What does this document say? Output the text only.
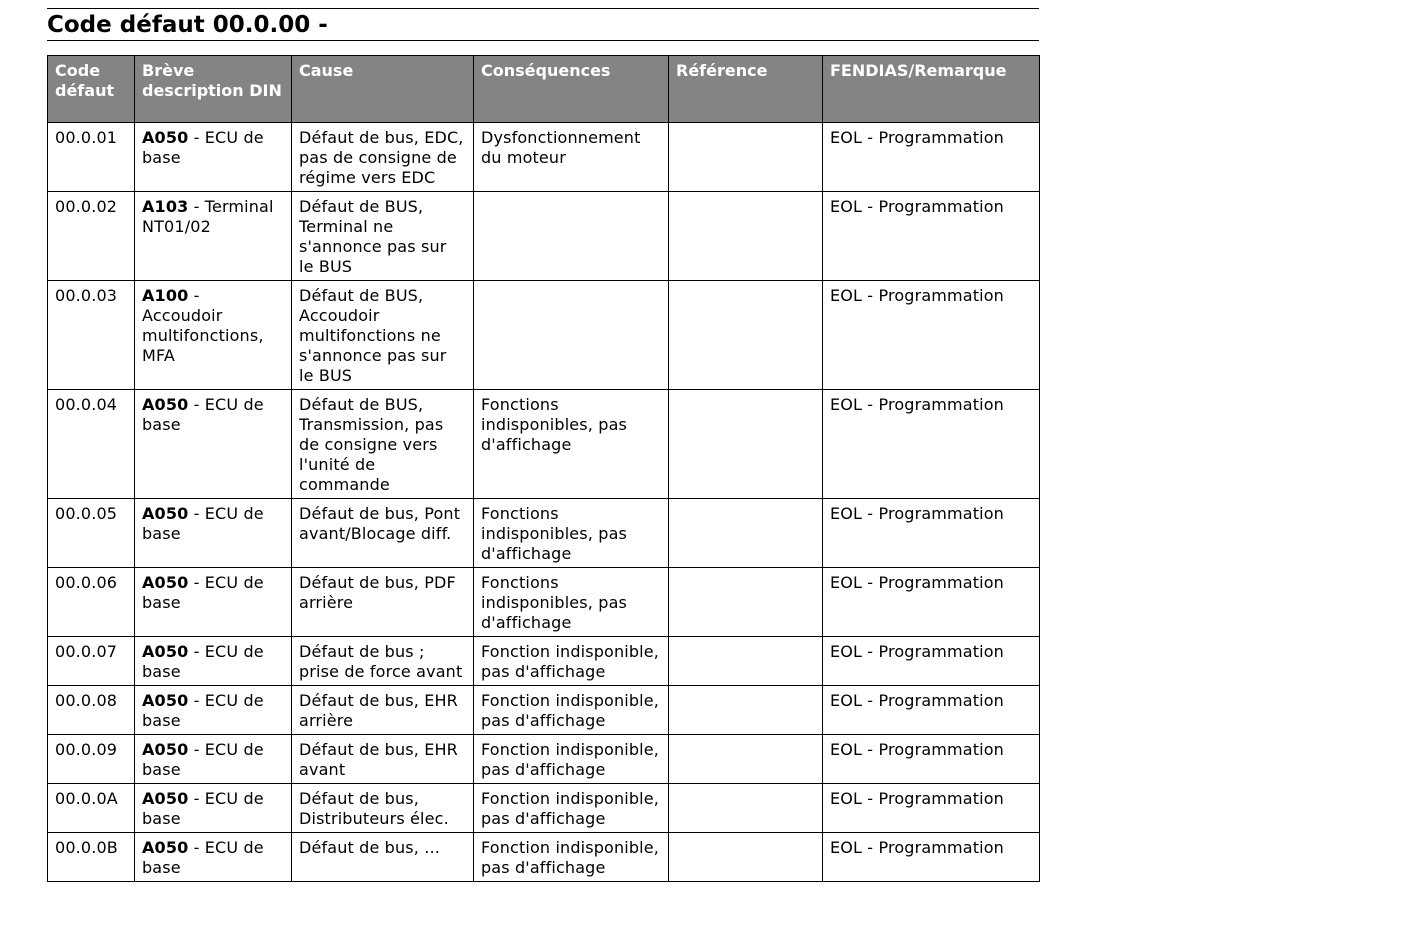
Code défaut 00.0.00 -
Code défaut	Brève description DIN	Cause	Conséquences	Référence	FENDIAS/Remarque
00.0.01	A050 - ECU de base	Défaut de bus, EDC, pas de consigne de régime vers EDC	Dysfonctionnement du moteur		EOL - Programmation
00.0.02	A103 - Terminal NT01/02	Défaut de BUS, Terminal ne s'annonce pas sur le BUS			EOL - Programmation
00.0.03	A100 - Accoudoir multifonctions, MFA	Défaut de BUS, Accoudoir multifonctions ne s'annonce pas sur le BUS			EOL - Programmation
00.0.04	A050 - ECU de base	Défaut de BUS, Transmission, pas de consigne vers l'unité de commande	Fonctions indisponibles, pas d'affichage		EOL - Programmation
00.0.05	A050 - ECU de base	Défaut de bus, Pont avant/Blocage diff.	Fonctions indisponibles, pas d'affichage		EOL - Programmation
00.0.06	A050 - ECU de base	Défaut de bus, PDF arrière	Fonctions indisponibles, pas d'affichage		EOL - Programmation
00.0.07	A050 - ECU de base	Défaut de bus ; prise de force avant	Fonction indisponible, pas d'affichage		EOL - Programmation
00.0.08	A050 - ECU de base	Défaut de bus, EHR arrière	Fonction indisponible, pas d'affichage		EOL - Programmation
00.0.09	A050 - ECU de base	Défaut de bus, EHR avant	Fonction indisponible, pas d'affichage		EOL - Programmation
00.0.0A	A050 - ECU de base	Défaut de bus, Distributeurs élec.	Fonction indisponible, pas d'affichage		EOL - Programmation
00.0.0B	A050 - ECU de base	Défaut de bus, ...	Fonction indisponible, pas d'affichage		EOL - Programmation
